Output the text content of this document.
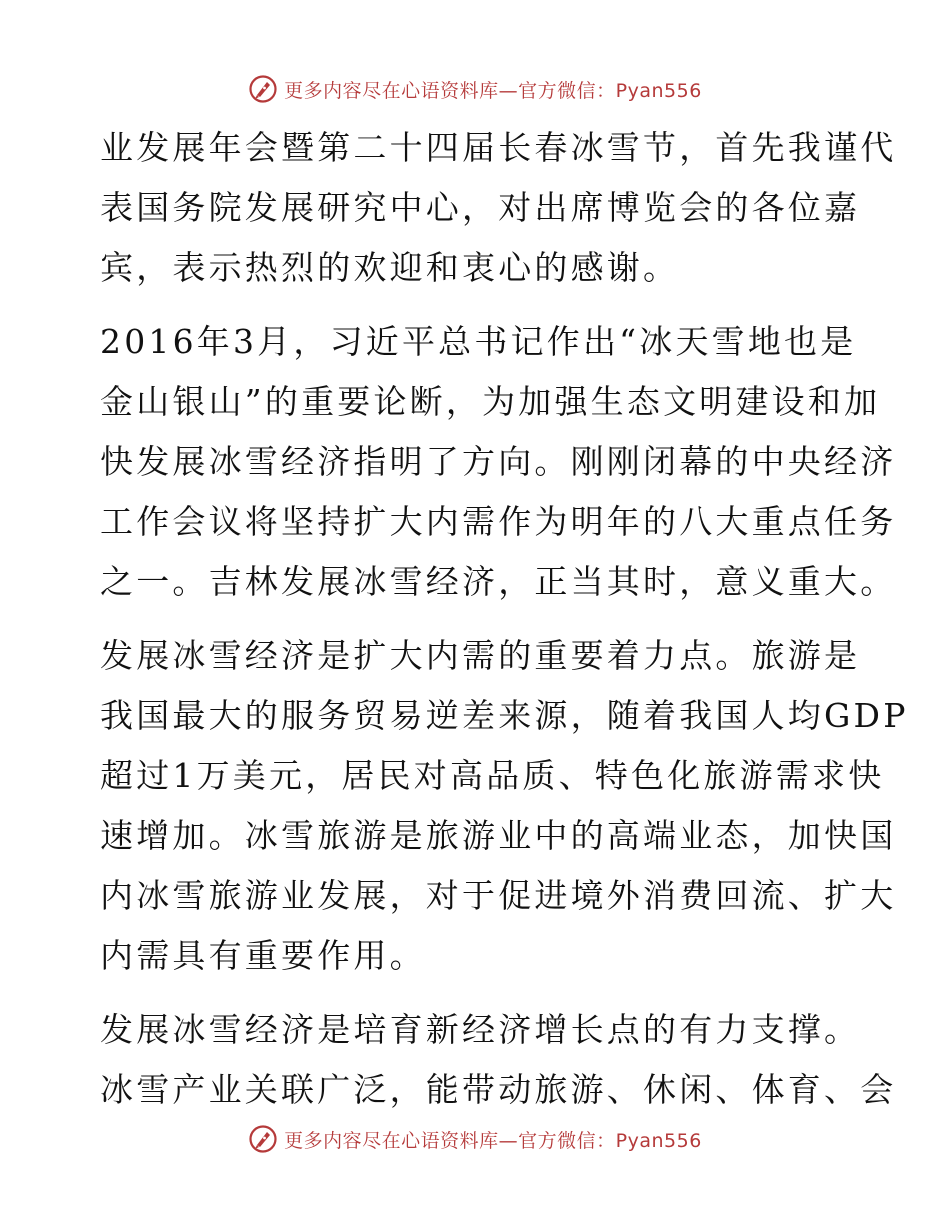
更多内容尽在心语资料库—官方微信：Pyan556

业发展年会暨第二十四届长春冰雪节，首先我谨代
表国务院发展研究中心，对出席博览会的各位嘉
宾，表示热烈的欢迎和衷心的感谢。

2016年3月，习近平总书记作出“冰天雪地也是
金山银山”的重要论断，为加强生态文明建设和加
快发展冰雪经济指明了方向。刚刚闭幕的中央经济
工作会议将坚持扩大内需作为明年的八大重点任务
之一。吉林发展冰雪经济，正当其时，意义重大。

发展冰雪经济是扩大内需的重要着力点。旅游是
我国最大的服务贸易逆差来源，随着我国人均GDP
超过1万美元，居民对高品质、特色化旅游需求快
速增加。冰雪旅游是旅游业中的高端业态，加快国
内冰雪旅游业发展，对于促进境外消费回流、扩大
内需具有重要作用。

发展冰雪经济是培育新经济增长点的有力支撑。
冰雪产业关联广泛，能带动旅游、休闲、体育、会

更多内容尽在心语资料库—官方微信：Pyan556
